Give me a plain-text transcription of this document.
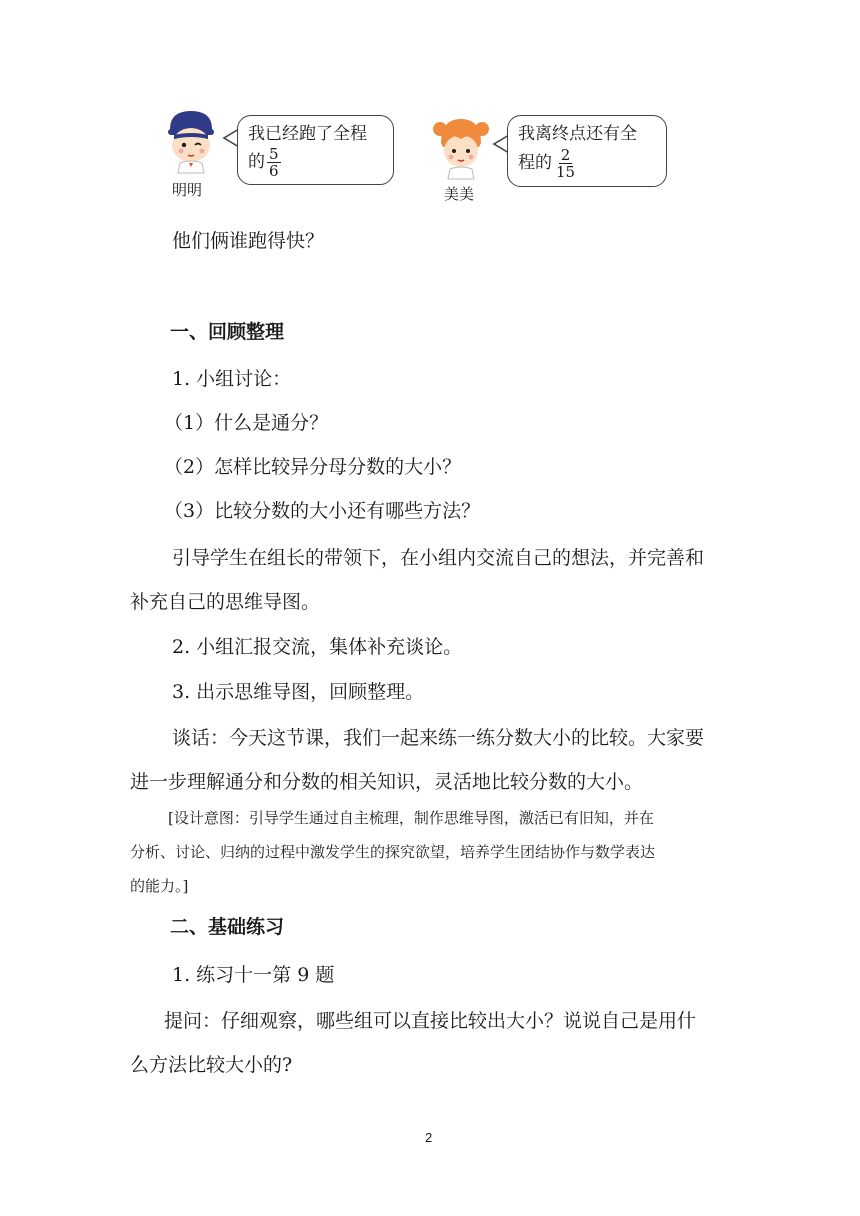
明明
我已经跑了全程
的 $\frac{5}{6}$
美美
我离终点还有全
程的 $\frac{2}{15}$
他们俩谁跑得快？
一、回顾整理
1. 小组讨论：
（1）什么是通分？
（2）怎样比较异分母分数的大小？
（3）比较分数的大小还有哪些方法？
引导学生在组长的带领下，在小组内交流自己的想法，并完善和
补充自己的思维导图。
2. 小组汇报交流，集体补充谈论。
3. 出示思维导图，回顾整理。
谈话：今天这节课，我们一起来练一练分数大小的比较。大家要
进一步理解通分和分数的相关知识，灵活地比较分数的大小。
[设计意图：引导学生通过自主梳理，制作思维导图，激活已有旧知，并在
分析、讨论、归纳的过程中激发学生的探究欲望，培养学生团结协作与数学表达
的能力。]
二、基础练习
1. 练习十一第 9 题
提问：仔细观察，哪些组可以直接比较出大小？说说自己是用什
么方法比较大小的?
2
